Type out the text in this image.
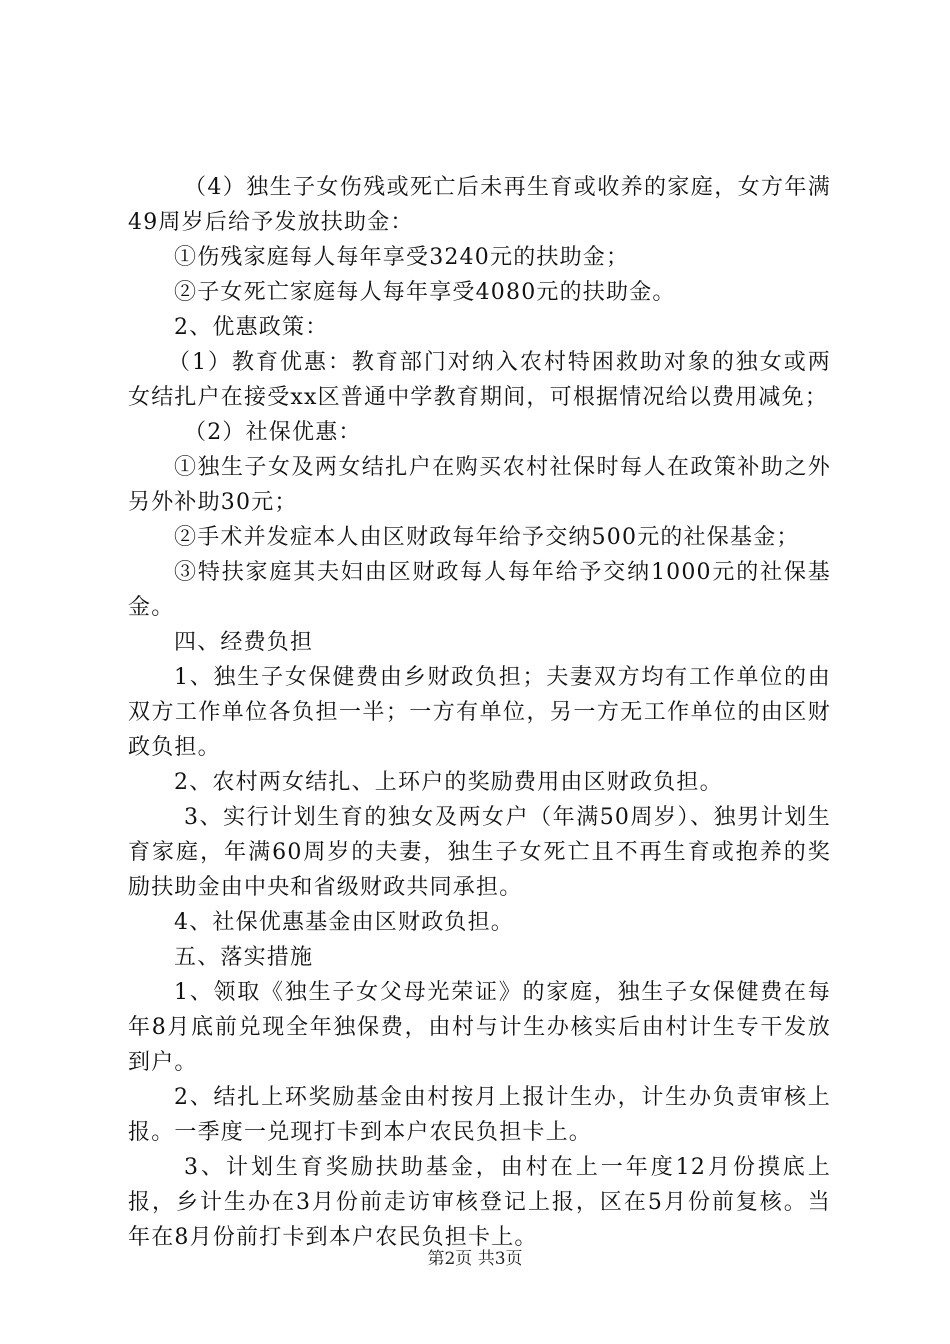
（4）独生子女伤残或死亡后未再生育或收养的家庭，女方年满49周岁后给予发放扶助金：

①伤残家庭每人每年享受3240元的扶助金；

②子女死亡家庭每人每年享受4080元的扶助金。

2、优惠政策：

（1）教育优惠：教育部门对纳入农村特困救助对象的独女或两女结扎户在接受xx区普通中学教育期间，可根据情况给以费用减免；

（2）社保优惠：

①独生子女及两女结扎户在购买农村社保时每人在政策补助之外另外补助30元；

②手术并发症本人由区财政每年给予交纳500元的社保基金；

③特扶家庭其夫妇由区财政每人每年给予交纳1000元的社保基金。

四、经费负担

1、独生子女保健费由乡财政负担；夫妻双方均有工作单位的由双方工作单位各负担一半；一方有单位，另一方无工作单位的由区财政负担。

2、农村两女结扎、上环户的奖励费用由区财政负担。

3、实行计划生育的独女及两女户（年满50周岁）、独男计划生育家庭，年满60周岁的夫妻，独生子女死亡且不再生育或抱养的奖励扶助金由中央和省级财政共同承担。

4、社保优惠基金由区财政负担。

五、落实措施

1、领取《独生子女父母光荣证》的家庭，独生子女保健费在每年8月底前兑现全年独保费，由村与计生办核实后由村计生专干发放到户。

2、结扎上环奖励基金由村按月上报计生办，计生办负责审核上报。一季度一兑现打卡到本户农民负担卡上。

3、计划生育奖励扶助基金，由村在上一年度12月份摸底上报，乡计生办在3月份前走访审核登记上报，区在5月份前复核。当年在8月份前打卡到本户农民负担卡上。

第2页 共3页
